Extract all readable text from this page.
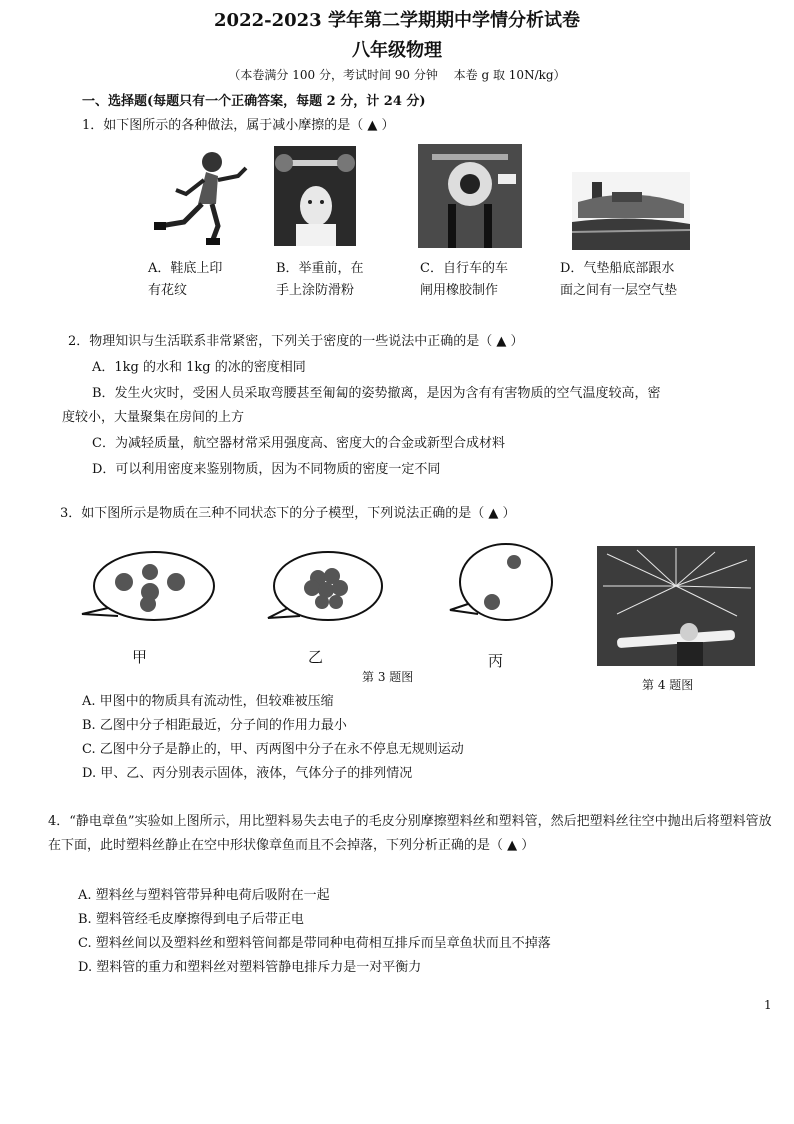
2022-2023 学年第二学期期中学情分析试卷
八年级物理
（本卷满分 100 分，考试时间 90 分钟　 本卷 g 取 10N/kg）
一、选择题(每题只有一个正确答案，每题 2 分，计 24 分)
1．如下图所示的各种做法，属于减小摩擦的是（ ▲ ）
A．鞋底上印
有花纹
B．举重前，在
手上涂防滑粉
C．自行车的车
闸用橡胶制作
D．气垫船底部跟水
面之间有一层空气垫
2．物理知识与生活联系非常紧密，下列关于密度的一些说法中正确的是（ ▲ ）
A．1kg 的水和 1kg 的冰的密度相同
B．发生火灾时，受困人员采取弯腰甚至匍匐的姿势撤离，是因为含有有害物质的空气温度较高，密
度较小，大量聚集在房间的上方
C．为减轻质量，航空器材常采用强度高、密度大的合金或新型合成材料
D．可以利用密度来鉴别物质，因为不同物质的密度一定不同
3．如下图所示是物质在三种不同状态下的分子模型，下列说法正确的是（ ▲ ）
甲	乙	丙
第 3 题图
第 4 题图
A. 甲图中的物质具有流动性，但较难被压缩
B. 乙图中分子相距最近，分子间的作用力最小
C. 乙图中分子是静止的，甲、丙两图中分子在永不停息无规则运动
D. 甲、乙、丙分别表示固体，液体，气体分子的排列情况
4．“静电章鱼”实验如上图所示，用比塑料易失去电子的毛皮分别摩擦塑料丝和塑料管，然后把塑料丝往空中抛出后将塑料管放在下面，此时塑料丝静止在空中形状像章鱼而且不会掉落，下列分析正确的是（ ▲ ）
A. 塑料丝与塑料管带异种电荷后吸附在一起
B. 塑料管经毛皮摩擦得到电子后带正电
C. 塑料丝间以及塑料丝和塑料管间都是带同种电荷相互排斥而呈章鱼状而且不掉落
D. 塑料管的重力和塑料丝对塑料管静电排斥力是一对平衡力
1
